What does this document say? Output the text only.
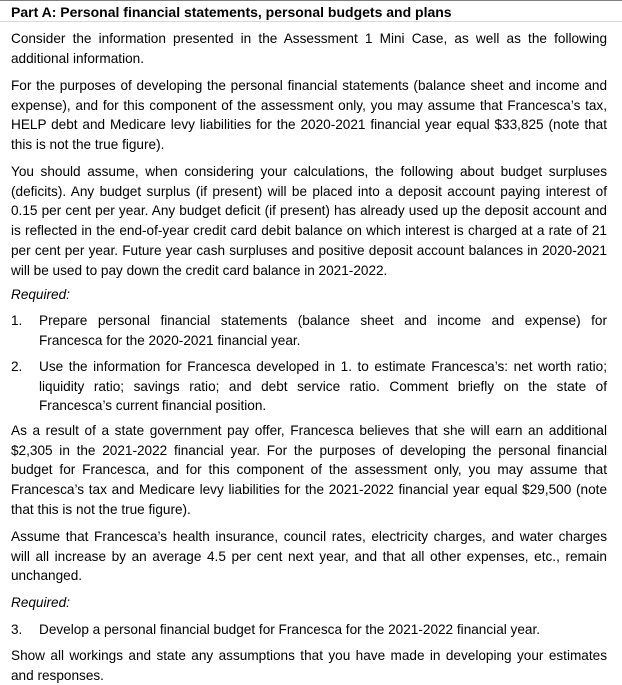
Part A: Personal financial statements, personal budgets and plans

Consider the information presented in the Assessment 1 Mini Case, as well as the following additional information.

For the purposes of developing the personal financial statements (balance sheet and income and expense), and for this component of the assessment only, you may assume that Francesca’s tax, HELP debt and Medicare levy liabilities for the 2020-2021 financial year equal $33,825 (note that this is not the true figure).

You should assume, when considering your calculations, the following about budget surpluses (deficits). Any budget surplus (if present) will be placed into a deposit account paying interest of 0.15 per cent per year. Any budget deficit (if present) has already used up the deposit account and is reflected in the end-of-year credit card debit balance on which interest is charged at a rate of 21 per cent per year. Future year cash surpluses and positive deposit account balances in 2020-2021 will be used to pay down the credit card balance in 2021-2022.

Required:

1.	Prepare personal financial statements (balance sheet and income and expense) for Francesca for the 2020-2021 financial year.
2.	Use the information for Francesca developed in 1. to estimate Francesca’s: net worth ratio; liquidity ratio; savings ratio; and debt service ratio. Comment briefly on the state of Francesca’s current financial position.

As a result of a state government pay offer, Francesca believes that she will earn an additional $2,305 in the 2021-2022 financial year. For the purposes of developing the personal financial budget for Francesca, and for this component of the assessment only, you may assume that Francesca’s tax and Medicare levy liabilities for the 2021-2022 financial year equal $29,500 (note that this is not the true figure).

Assume that Francesca’s health insurance, council rates, electricity charges, and water charges will all increase by an average 4.5 per cent next year, and that all other expenses, etc., remain unchanged.

Required:

3.	Develop a personal financial budget for Francesca for the 2021-2022 financial year.

Show all workings and state any assumptions that you have made in developing your estimates and responses.
